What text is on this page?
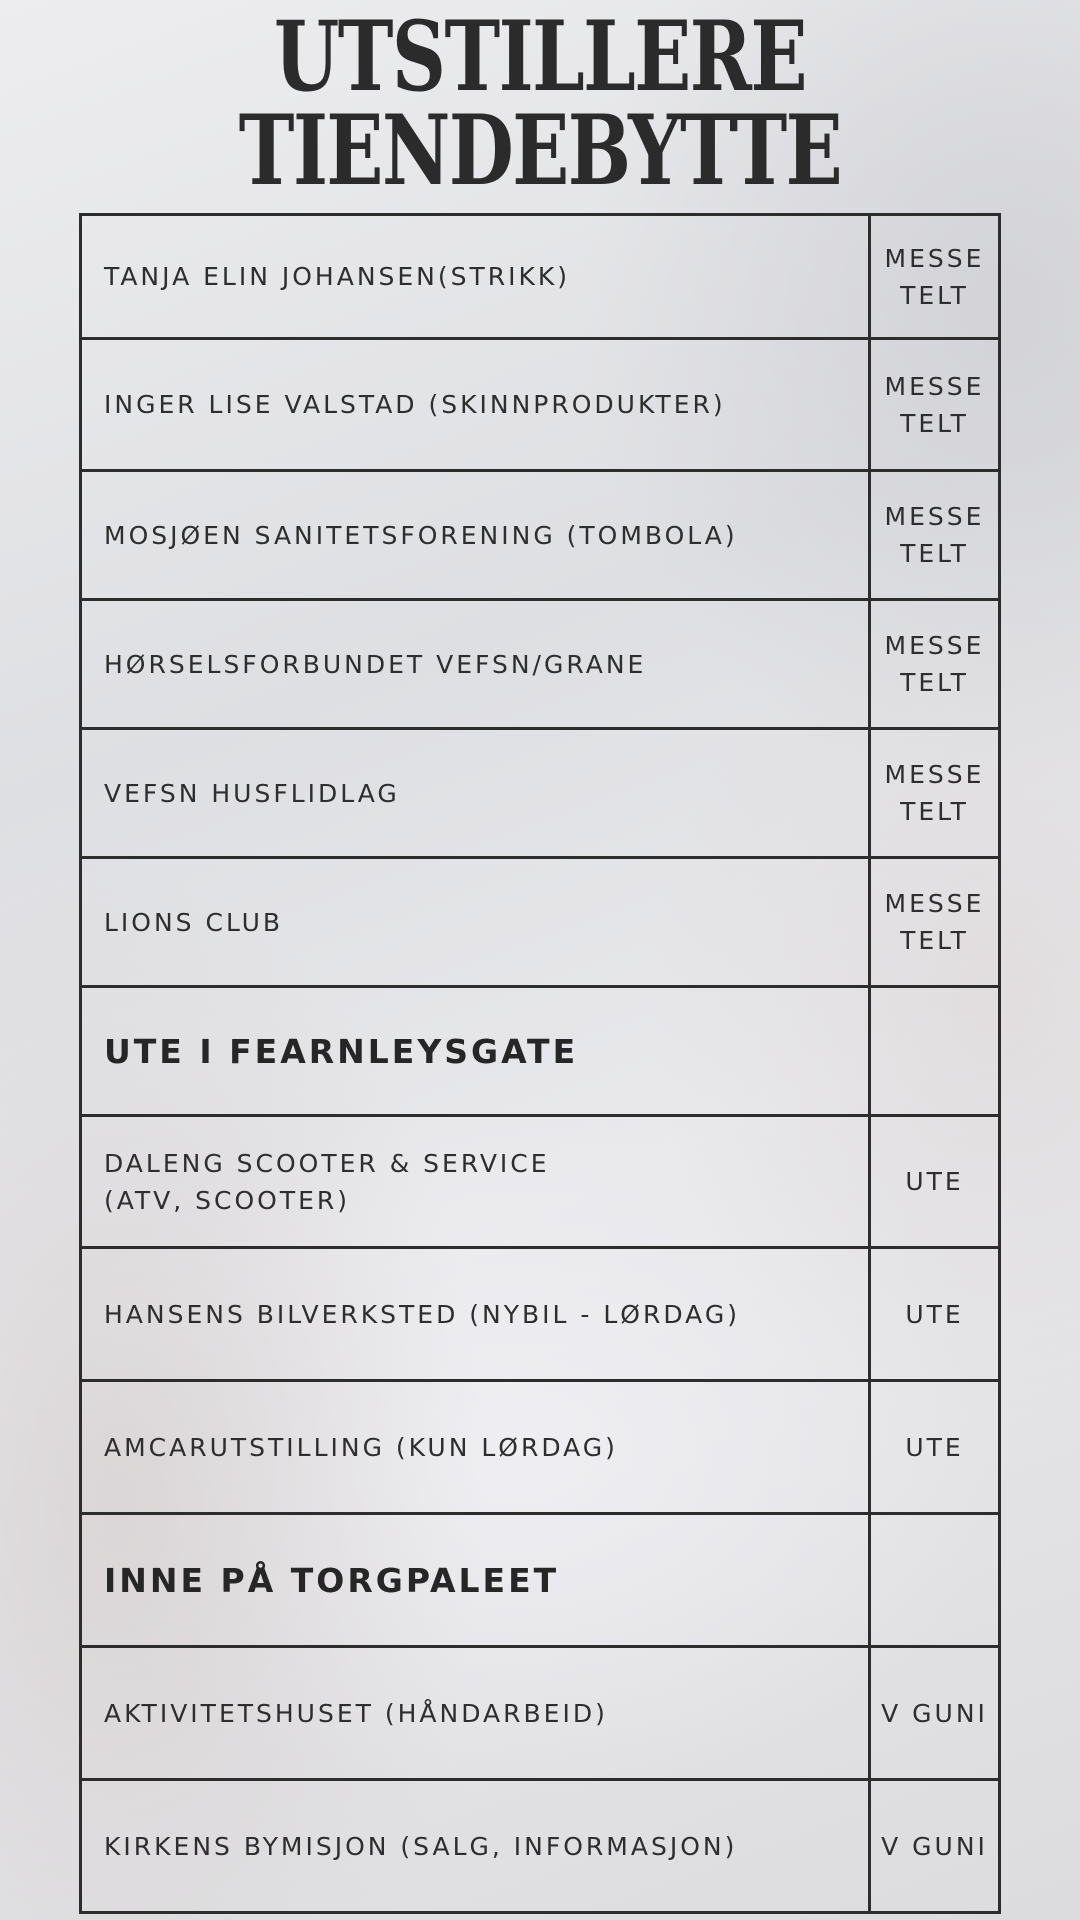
UTSTILLERE
TIENDEBYTTE
TANJA ELIN JOHANSEN(STRIKK)	MESSE
TELT
INGER LISE VALSTAD (SKINNPRODUKTER)	MESSE
TELT
MOSJØEN SANITETSFORENING (TOMBOLA)	MESSE
TELT
HØRSELSFORBUNDET VEFSN/GRANE	MESSE
TELT
VEFSN HUSFLIDLAG	MESSE
TELT
LIONS CLUB	MESSE
TELT
UTE I FEARNLEYSGATE	
DALENG SCOOTER & SERVICE
(ATV, SCOOTER)	UTE
HANSENS BILVERKSTED (NYBIL - LØRDAG)	UTE
AMCARUTSTILLING (KUN LØRDAG)	UTE
INNE PÅ TORGPALEET	
AKTIVITETSHUSET (HÅNDARBEID)	V GUNI
KIRKENS BYMISJON (SALG, INFORMASJON)	V GUNI
